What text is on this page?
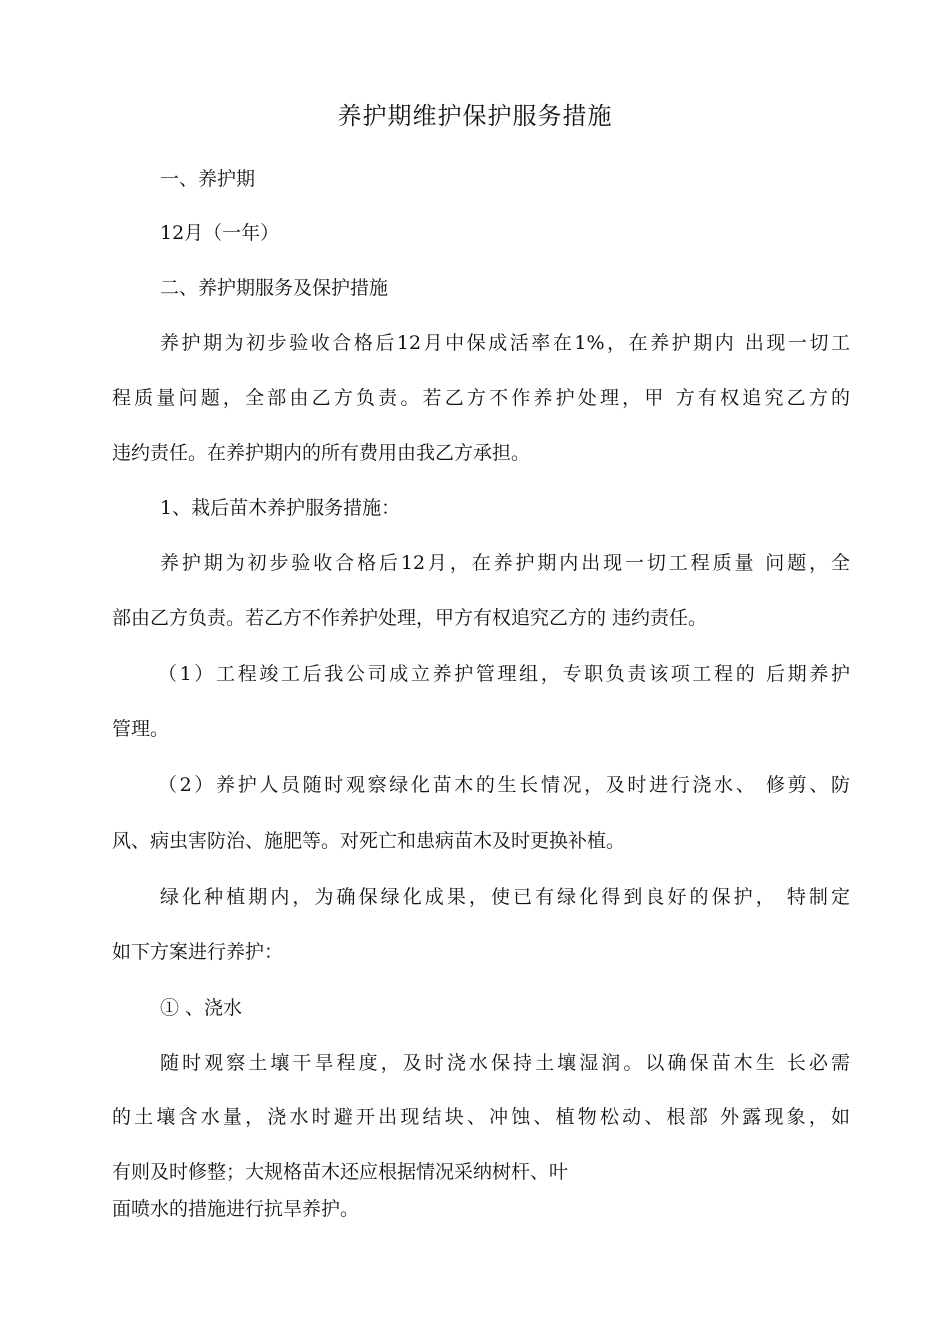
养护期维护保护服务措施
一、养护期
12月（一年）
二、养护期服务及保护措施
养护期为初步验收合格后12月中保成活率在1%，在养护期内 出现一切工
程质量问题，全部由乙方负责。若乙方不作养护处理，甲 方有权追究乙方的
违约责任。在养护期内的所有费用由我乙方承担。
1、栽后苗木养护服务措施：
养护期为初步验收合格后12月，在养护期内出现一切工程质量 问题，全
部由乙方负责。若乙方不作养护处理，甲方有权追究乙方的 违约责任。
（1）工程竣工后我公司成立养护管理组，专职负责该项工程的 后期养护
管理。
（2）养护人员随时观察绿化苗木的生长情况，及时进行浇水、 修剪、防
风、病虫害防治、施肥等。对死亡和患病苗木及时更换补植。
绿化种植期内，为确保绿化成果，使已有绿化得到良好的保护， 特制定
如下方案进行养护：
① 、浇水
随时观察土壤干旱程度，及时浇水保持土壤湿润。以确保苗木生 长必需
的土壤含水量，浇水时避开出现结块、冲蚀、植物松动、根部 外露现象，如
有则及时修整；大规格苗木还应根据情况采纳树杆、叶
面喷水的措施进行抗旱养护。
